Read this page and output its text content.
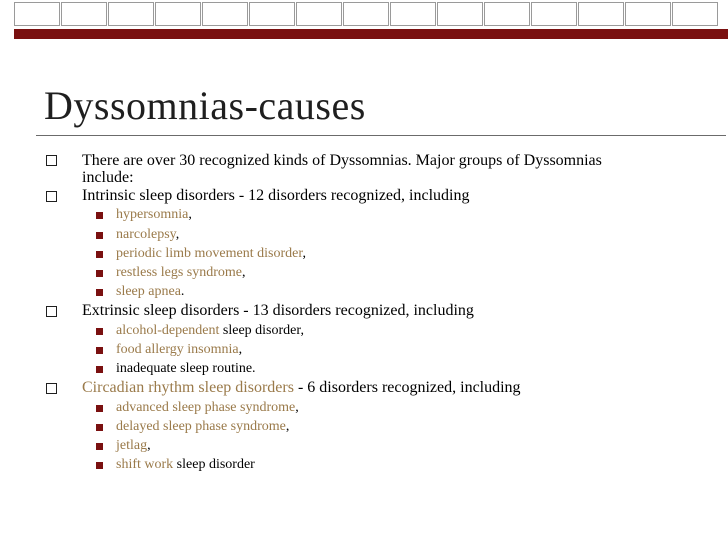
Dyssomnias-causes
There are over 30 recognized kinds of Dyssomnias. Major groups of Dyssomnias
include:
Intrinsic sleep disorders - 12 disorders recognized, including
hypersomnia,
narcolepsy,
periodic limb movement disorder,
restless legs syndrome,
sleep apnea.
Extrinsic sleep disorders - 13 disorders recognized, including
alcohol-dependent sleep disorder,
food allergy insomnia,
inadequate sleep routine.
Circadian rhythm sleep disorders - 6 disorders recognized, including
advanced sleep phase syndrome,
delayed sleep phase syndrome,
jetlag,
shift work sleep disorder
